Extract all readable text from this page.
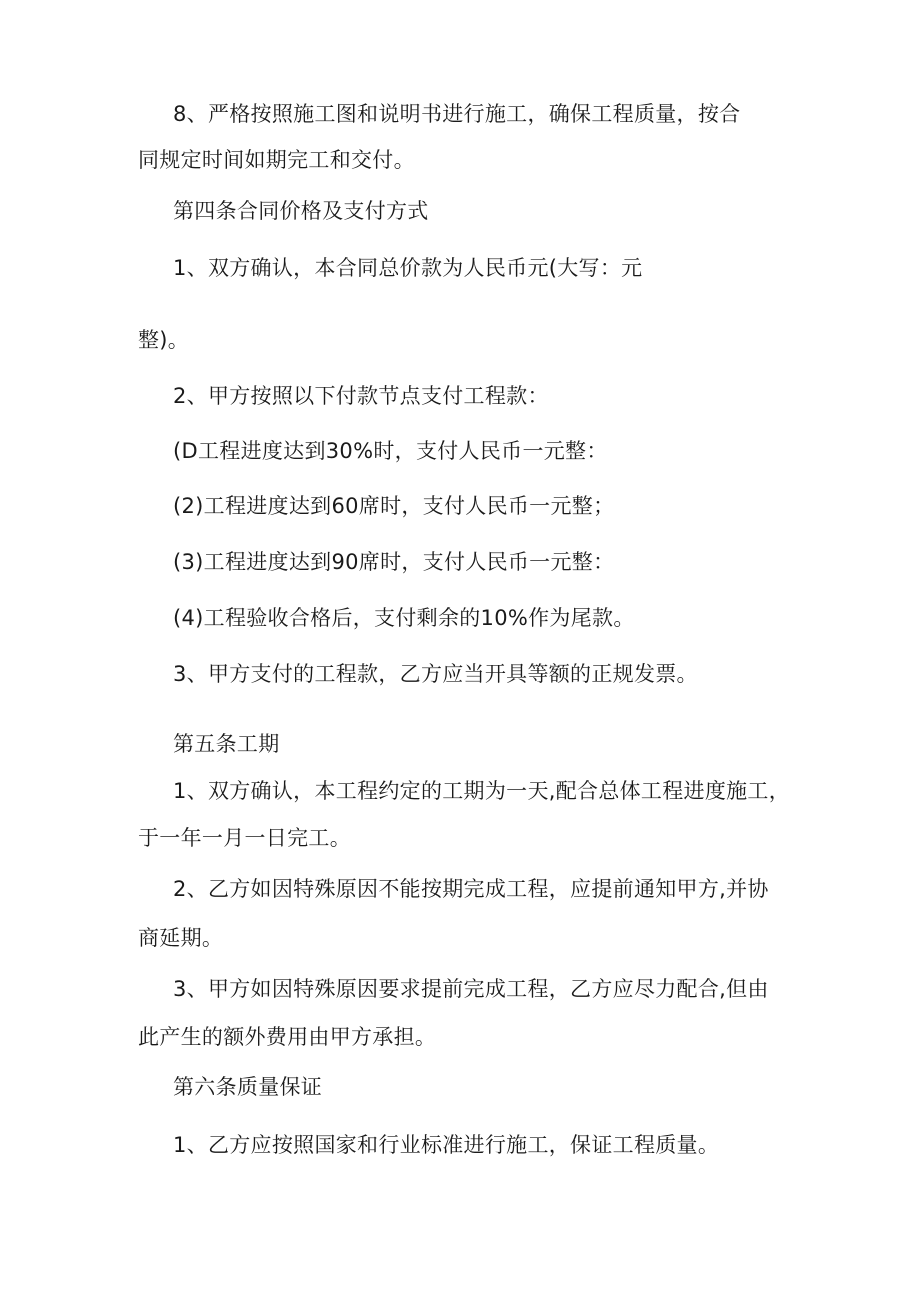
8、严格按照施工图和说明书进行施工，确保工程质量，按合
同规定时间如期完工和交付。
第四条合同价格及支付方式
1、双方确认，本合同总价款为人民币元(大写：元
整)。
2、甲方按照以下付款节点支付工程款：
(D工程进度达到30%时，支付人民币一元整：
(2)工程进度达到60席时，支付人民币一元整；
(3)工程进度达到90席时，支付人民币一元整：
(4)工程验收合格后，支付剩余的10%作为尾款。
3、甲方支付的工程款，乙方应当开具等额的正规发票。
第五条工期
1、双方确认，本工程约定的工期为一天,配合总体工程进度施工，
于一年一月一日完工。
2、乙方如因特殊原因不能按期完成工程，应提前通知甲方,并协
商延期。
3、甲方如因特殊原因要求提前完成工程，乙方应尽力配合,但由
此产生的额外费用由甲方承担。
第六条质量保证
1、乙方应按照国家和行业标准进行施工，保证工程质量。
